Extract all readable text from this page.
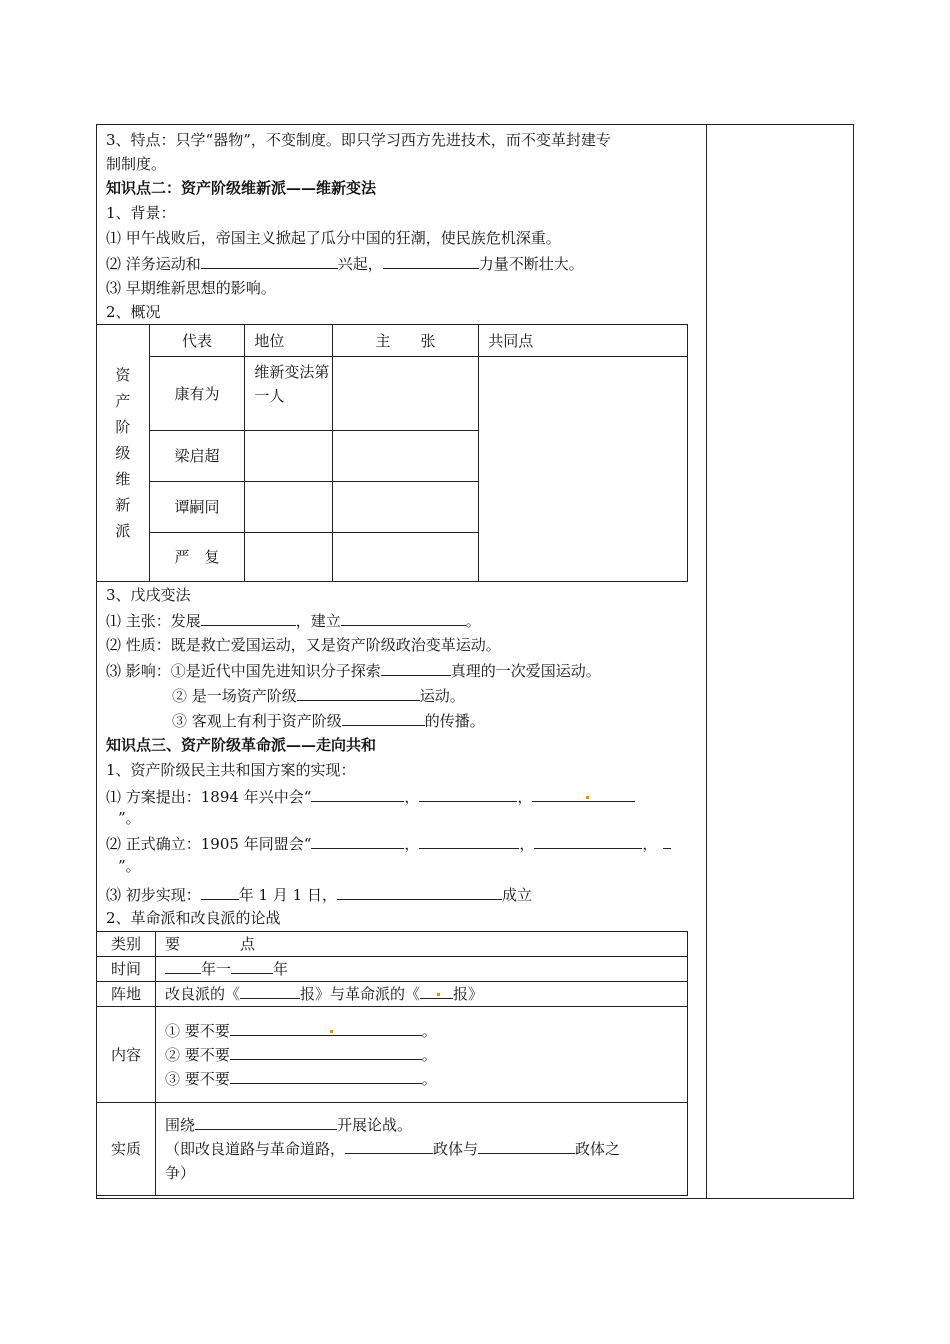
3、特点：只学“器物”，不变制度。即只学习西方先进技术，而不变革封建专
制制度。
知识点二：资产阶级维新派——维新变法
1、背景：
⑴ 甲午战败后，帝国主义掀起了瓜分中国的狂潮，使民族危机深重。
⑵ 洋务运动和	兴起，	力量不断壮大。
⑶ 早期维新思想的影响。
2、概况
资产阶级维新派	代表	地位	主　　张	共同点
	康有为	维新变法第一人		
	梁启超			
	谭嗣同			
	严　复			
3、戊戌变法
⑴ 主张：发展	，建立	。
⑵ 性质：既是救亡爱国运动，又是资产阶级政治变革运动。
⑶ 影响：①是近代中国先进知识分子探索	真理的一次爱国运动。
② 是一场资产阶级	运动。
③ 客观上有利于资产阶级	的传播。
知识点三、资产阶级革命派——走向共和
1、资产阶级民主共和国方案的实现：
⑴ 方案提出：1894 年兴中会“	，	，
”。
⑵ 正式确立：1905 年同盟会“	，	，	，
”。
⑶ 初步实现：	年 1 月 1 日，	成立
2、革命派和改良派的论战
类别	要　　　　点
时间	年一 年
阵地	改良派的《 报》与革命派的《 报》
内容	① 要不要 。
② 要不要 。
③ 要不要 。

实质	围绕 开展论战。
（即改良道路与革命道路， 政体与 政体之
争）
